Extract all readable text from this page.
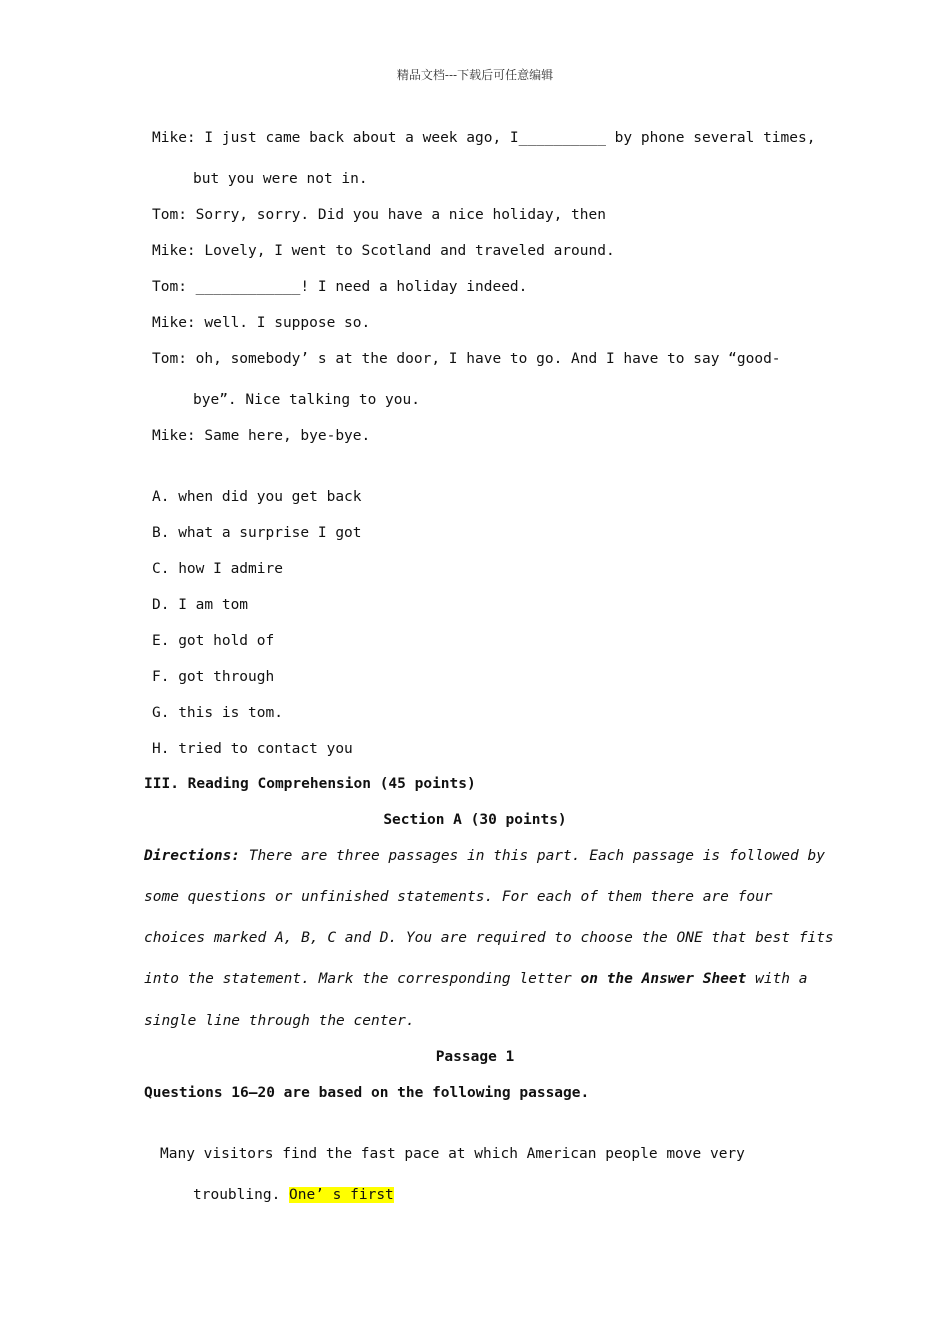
精品文档---下载后可任意编辑
Mike: I just came back about a week ago, I__________ by phone several times,
but you were not in.
Tom: Sorry, sorry. Did you have a nice holiday, then
Mike: Lovely, I went to Scotland and traveled around.
Tom: ____________! I need a holiday indeed.
Mike: well. I suppose so.
Tom: oh, somebody’ s at the door, I have to go. And I have to say “good-
bye”. Nice talking to you.
Mike: Same here, bye-bye.
A. when did you get back
B. what a surprise I got
C. how I admire
D. I am tom
E. got hold of
F. got through
G. this is tom.
H. tried to contact you
III. Reading Comprehension (45 points)
Section A (30 points)
Directions: There are three passages in this part. Each passage is followed by
some questions or unfinished statements. For each of them there are four
choices marked A, B, C and D. You are required to choose the ONE that best fits
into the statement. Mark the corresponding letter on the Answer Sheet with a
single line through the center.
Passage 1
Questions 16—20 are based on the following passage.
Many visitors find the fast pace at which American people move very
troubling. One’ s first
